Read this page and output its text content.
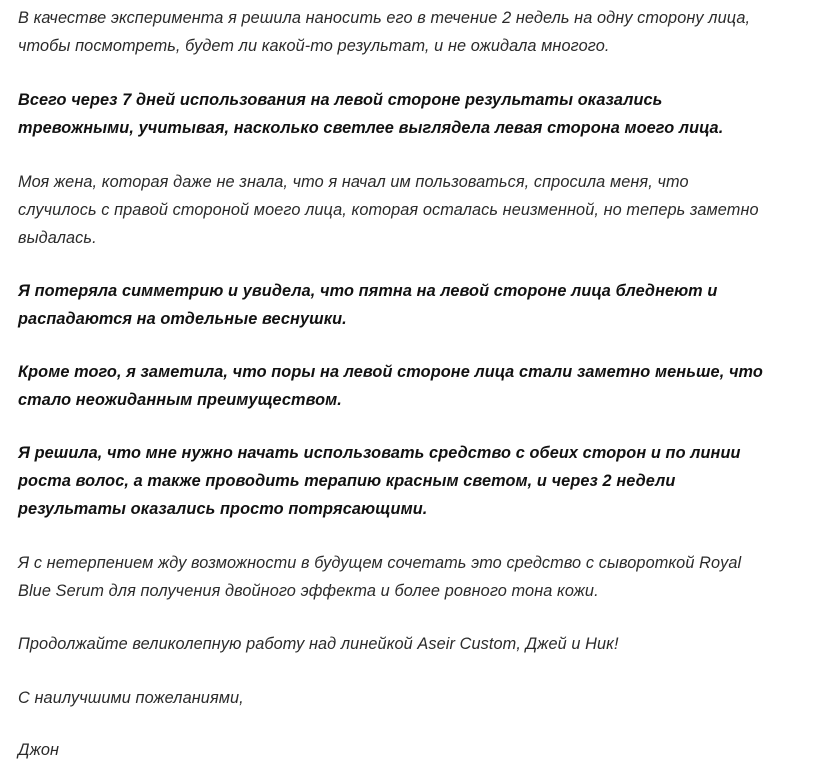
В качестве эксперимента я решила наносить его в течение 2 недель на одну сторону лица,
чтобы посмотреть, будет ли какой-то результат, и не ожидала многого.

Всего через 7 дней использования на левой стороне результаты оказались
тревожными, учитывая, насколько светлее выглядела левая сторона моего лица.

Моя жена, которая даже не знала, что я начал им пользоваться, спросила меня, что
случилось с правой стороной моего лица, которая осталась неизменной, но теперь заметно
выдалась.

Я потеряла симметрию и увидела, что пятна на левой стороне лица бледнеют и
распадаются на отдельные веснушки.

Кроме того, я заметила, что поры на левой стороне лица стали заметно меньше, что
стало неожиданным преимуществом.

Я решила, что мне нужно начать использовать средство с обеих сторон и по линии
роста волос, а также проводить терапию красным светом, и через 2 недели
результаты оказались просто потрясающими.

Я с нетерпением жду возможности в будущем сочетать это средство с сывороткой Royal
Blue Serum для получения двойного эффекта и более ровного тона кожи.

Продолжайте великолепную работу над линейкой Aseir Custom, Джей и Ник!

С наилучшими пожеланиями,

Джон
